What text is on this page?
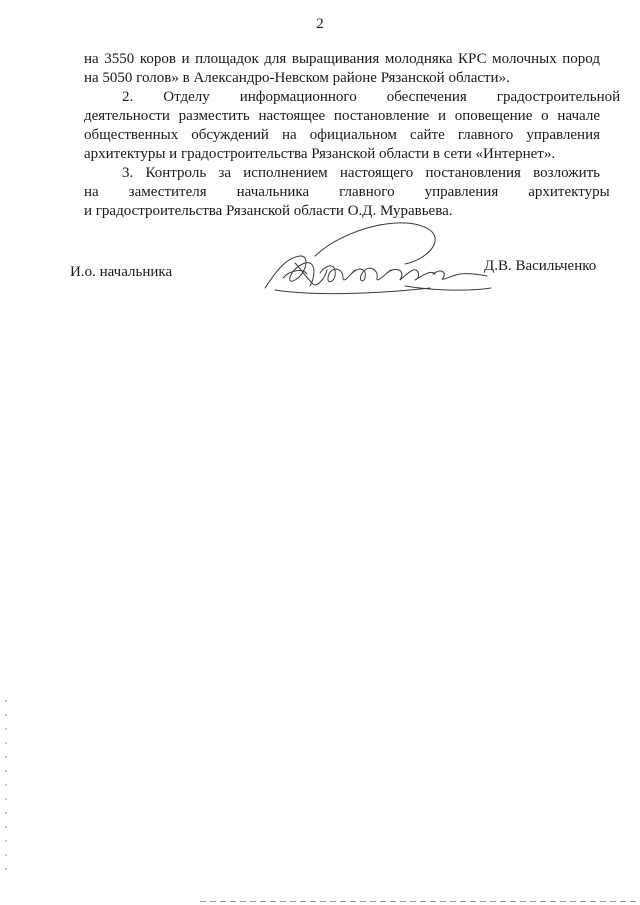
2
на 3550 коров и площадок для выращивания молодняка КРС молочных пород
на 5050 голов» в Александро-Невском районе Рязанской области».
2.        Отделу        информационного        обеспечения        градостроительной
деятельности разместить настоящее постановление и оповещение о начале
общественных обсуждений на официальном сайте главного управления
архитектуры и градостроительства Рязанской области в сети «Интернет».
3. Контроль за исполнением настоящего постановления возложить
на        заместителя        начальника        главного        управления        архитектуры
и градостроительства Рязанской области О.Д. Муравьева.
И.о. начальника	Д.В. Васильченко
